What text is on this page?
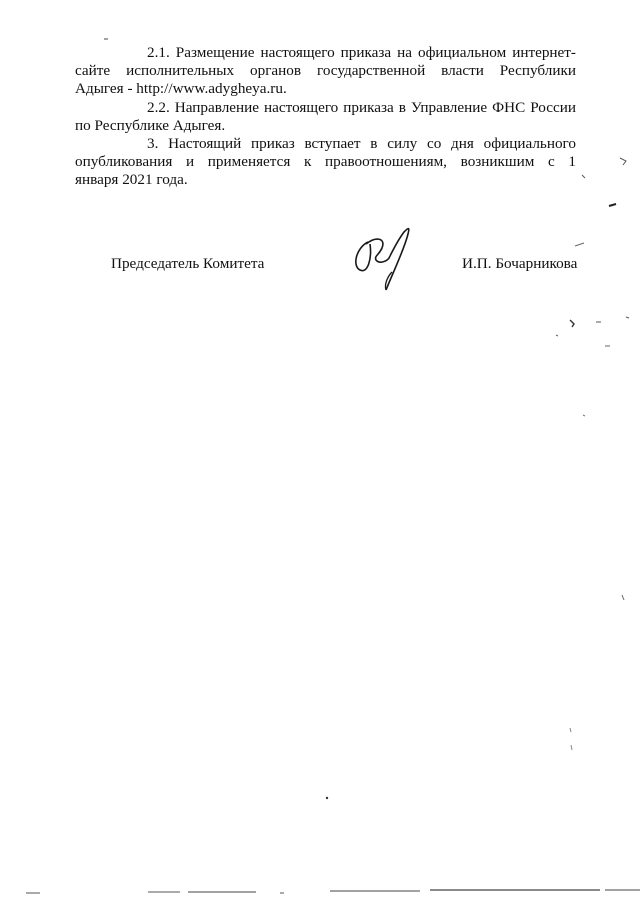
2.1. Размещение настоящего приказа на официальном интернет-
сайте исполнительных органов государственной власти Республики
Адыгея - http://www.adygheya.ru.

2.2. Направление настоящего приказа в Управление ФНС России
по Республике Адыгея.

3. Настоящий приказ вступает в силу со дня официального
опубликования и применяется к правоотношениям, возникшим с 1
января 2021 года.

Председатель Комитета	И.П. Бочарникова
